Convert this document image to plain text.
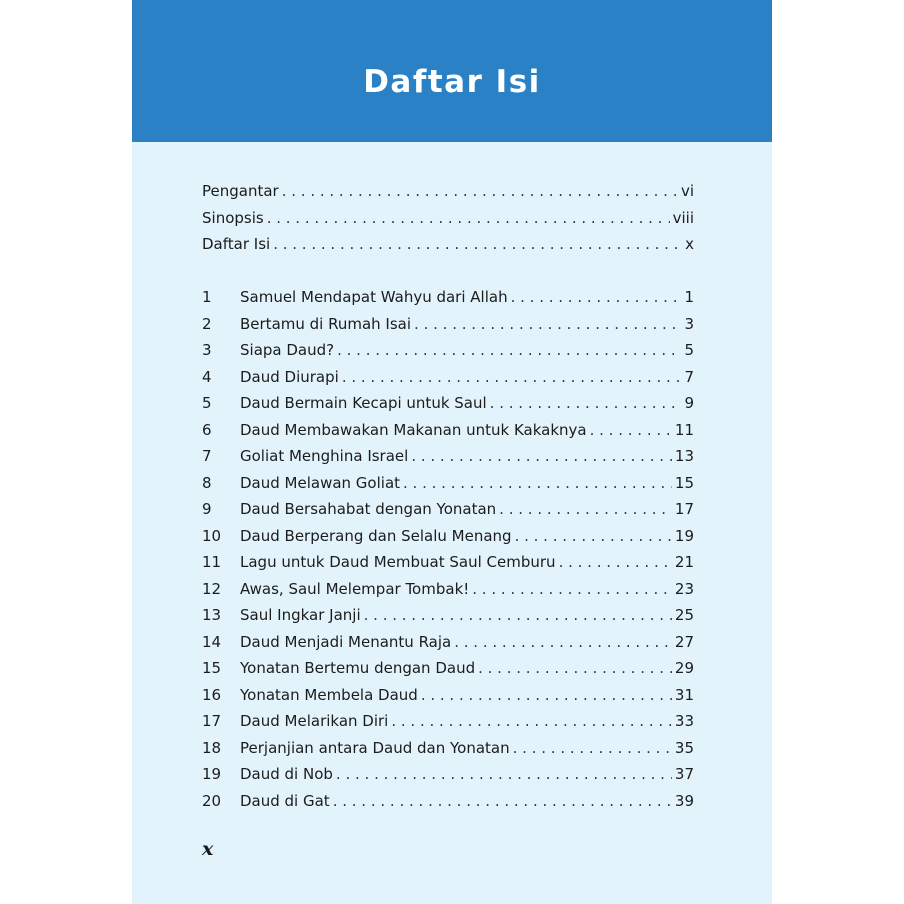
Daftar Isi
Pengantar . . .	vi
Sinopsis . . .	viii
Daftar Isi . . .	x
1	Samuel Mendapat Wahyu dari Allah . . .	1
2	Bertamu di Rumah Isai . . .	3
3	Siapa Daud? . . .	5
4	Daud Diurapi . . .	7
5	Daud Bermain Kecapi untuk Saul . . .	9
6	Daud Membawakan Makanan untuk Kakaknya . . .	11
7	Goliat Menghina Israel . . .	13
8	Daud Melawan Goliat . . .	15
9	Daud Bersahabat dengan Yonatan . . .	17
10	Daud Berperang dan Selalu Menang . . .	19
11	Lagu untuk Daud Membuat Saul Cemburu . . .	21
12	Awas, Saul Melempar Tombak! . . .	23
13	Saul Ingkar Janji . . .	25
14	Daud Menjadi Menantu Raja . . .	27
15	Yonatan Bertemu dengan Daud . . .	29
16	Yonatan Membela Daud . . .	31
17	Daud Melarikan Diri . . .	33
18	Perjanjian antara Daud dan Yonatan . . .	35
19	Daud di Nob . . .	37
20	Daud di Gat . . .	39
x
